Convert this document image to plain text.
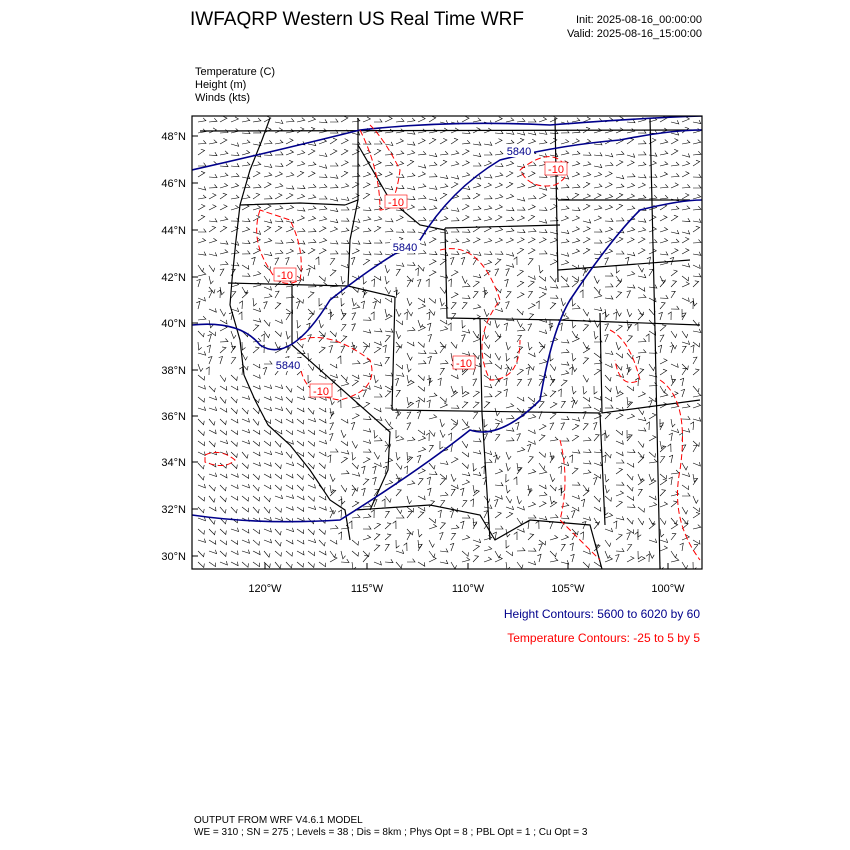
IWFAQRP Western US Real Time WRF	Init: 2025-08-16_00:00:00
Valid: 2025-08-16_15:00:00
Temperature (C)
Height (m)
Winds (kts)
48°N
46°N
44°N
42°N
40°N
38°N
36°N
34°N
32°N
30°N
120°W	115°W	110°W	105°W	100°W
5840
5840
5840
-10
-10
-10
-10
-10
Height Contours: 5600 to 6020 by 60
Temperature Contours: -25 to 5 by 5
OUTPUT FROM WRF V4.6.1 MODEL
WE = 310 ; SN = 275 ; Levels = 38 ; Dis = 8km ; Phys Opt = 8 ; PBL Opt = 1 ; Cu Opt = 3
